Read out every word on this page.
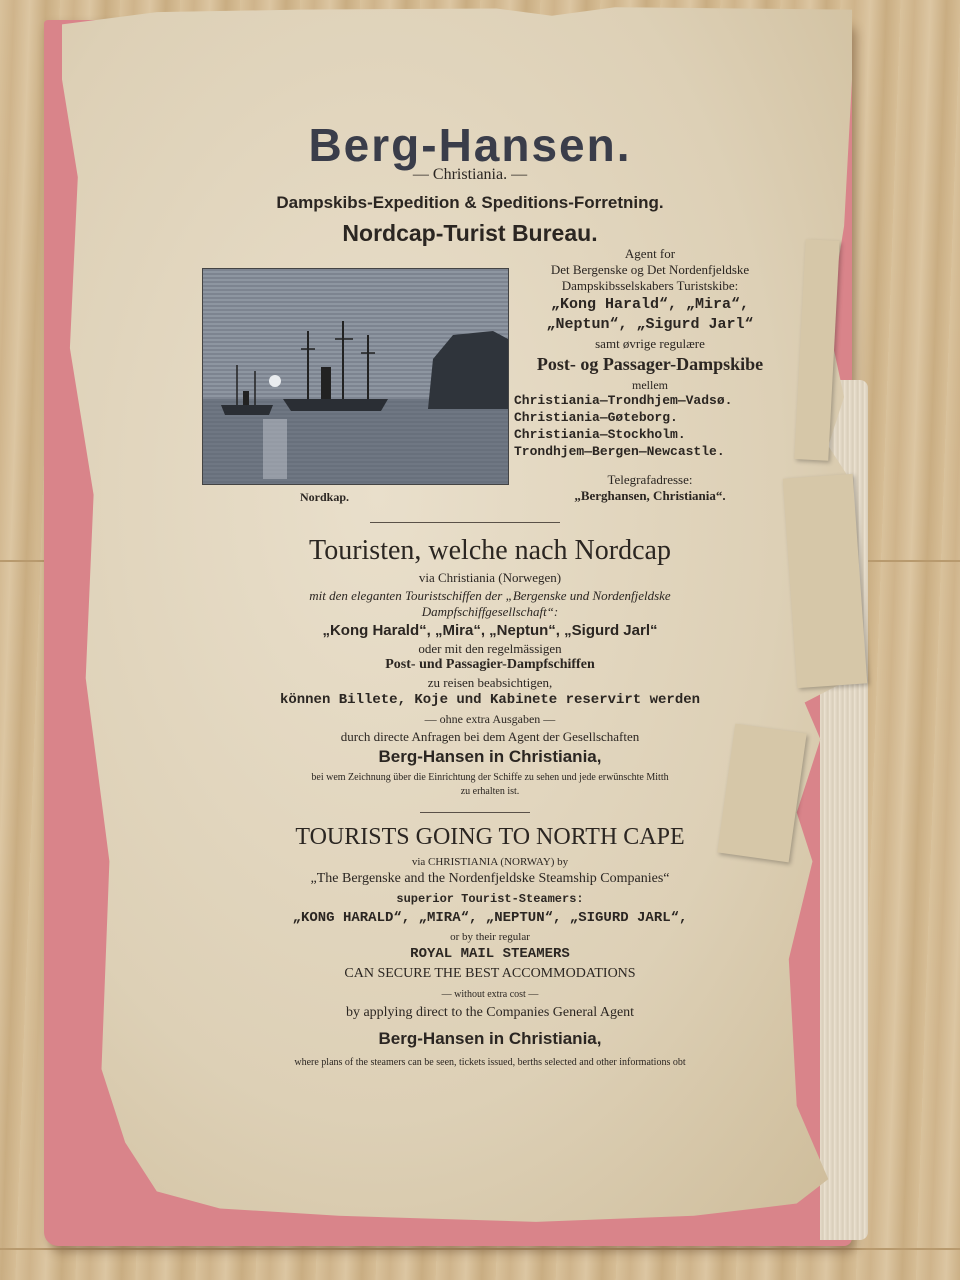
Berg-Hansen.
— Christiania. —
Dampskibs-Expedition & Speditions-Forretning.
Nordcap-Turist Bureau.
Nordkap.
Agent for
Det Bergenske og Det Nordenfjeldske
Dampskibsselskabers Turistskibe:
„Kong Harald“, „Mira“,
„Neptun“, „Sigurd Jarl“
samt øvrige regulære
Post- og Passager-Dampskibe
mellem
Christiania—Trondhjem—Vadsø.
Christiania—Gøteborg.
Christiania—Stockholm.
Trondhjem—Bergen—Newcastle.
Telegrafadresse:
„Berghansen, Christiania“.
Touristen, welche nach Nordcap
via Christiania (Norwegen)
mit den eleganten Touristschiffen der „Bergenske und Nordenfjeldske
Dampfschiffgesellschaft“:
„Kong Harald“, „Mira“, „Neptun“, „Sigurd Jarl“
oder mit den regelmässigen
Post- und Passagier-Dampfschiffen
zu reisen beabsichtigen,
können Billete, Koje und Kabinete reservirt werden
— ohne extra Ausgaben —
durch directe Anfragen bei dem Agent der Gesellschaften
Berg-Hansen in Christiania,
bei wem Zeichnung über die Einrichtung der Schiffe zu sehen und jede erwünschte Mitth
zu erhalten ist.
TOURISTS GOING TO NORTH CAPE
via CHRISTIANIA (NORWAY) by
„The Bergenske and the Nordenfjeldske Steamship Companies“
superior Tourist-Steamers:
„KONG HARALD“, „MIRA“, „NEPTUN“, „SIGURD JARL“,
or by their regular
ROYAL MAIL STEAMERS
CAN SECURE THE BEST ACCOMMODATIONS
— without extra cost —
by applying direct to the Companies General Agent
Berg-Hansen in Christiania,
where plans of the steamers can be seen, tickets issued, berths selected and other informations obt
